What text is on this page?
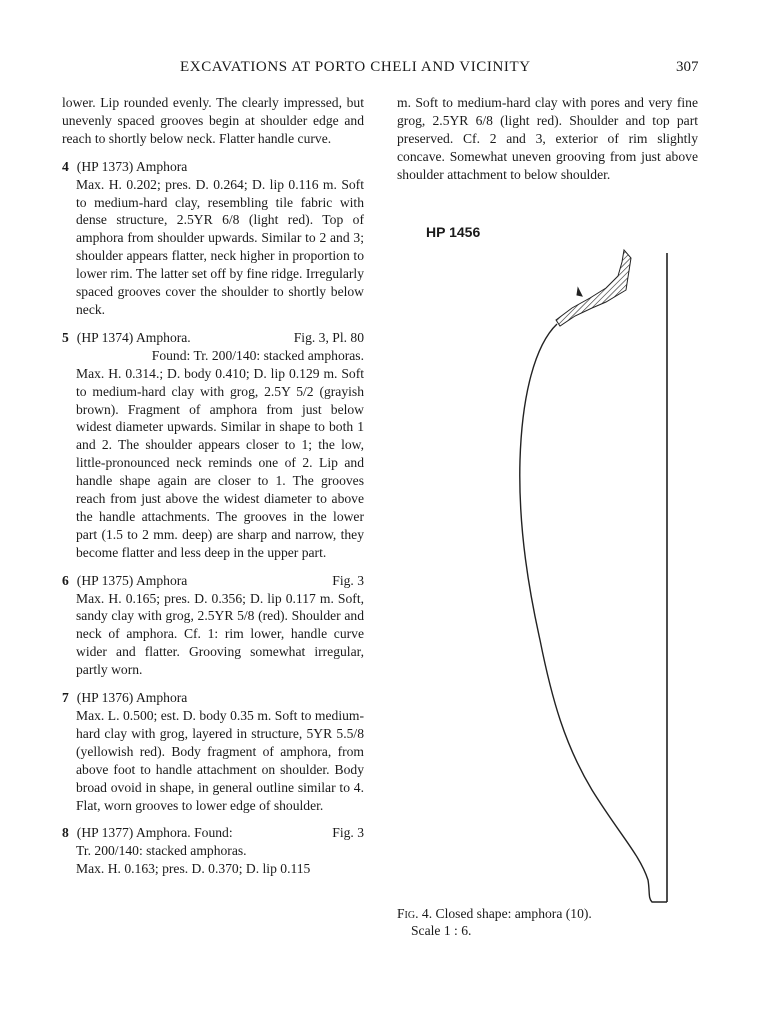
EXCAVATIONS AT PORTO CHELI AND VICINITY	307

lower. Lip rounded evenly. The clearly impressed, but unevenly spaced grooves begin at shoulder edge and reach to shortly below neck. Flatter handle curve.

4 (HP 1373) Amphora

Max. H. 0.202; pres. D. 0.264; D. lip 0.116 m. Soft to medium-hard clay, resembling tile fabric with dense structure, 2.5YR 6/8 (light red). Top of amphora from shoulder upwards. Similar to 2 and 3; shoulder appears flatter, neck higher in proportion to lower rim. The latter set off by fine ridge. Irregularly spaced grooves cover the shoulder to shortly below neck.

5 (HP 1374) Amphora.	Fig. 3, Pl. 80

Found: Tr. 200/140: stacked amphoras.

Max. H. 0.314.; D. body 0.410; D. lip 0.129 m. Soft to medium-hard clay with grog, 2.5Y 5/2 (grayish brown). Fragment of amphora from just below widest diameter upwards. Similar in shape to both 1 and 2. The shoulder appears closer to 1; the low, little-pronounced neck reminds one of 2. Lip and handle shape again are closer to 1. The grooves reach from just above the widest diameter to above the handle attachments. The grooves in the lower part (1.5 to 2 mm. deep) are sharp and narrow, they become flatter and less deep in the upper part.

6 (HP 1375) Amphora	Fig. 3

Max. H. 0.165; pres. D. 0.356; D. lip 0.117 m. Soft, sandy clay with grog, 2.5YR 5/8 (red). Shoulder and neck of amphora. Cf. 1: rim lower, handle curve wider and flatter. Grooving somewhat irregular, partly worn.

7 (HP 1376) Amphora

Max. L. 0.500; est. D. body 0.35 m. Soft to medium-hard clay with grog, layered in structure, 5YR 5.5/8 (yellowish red). Body fragment of amphora, from above foot to handle attachment on shoulder. Body broad ovoid in shape, in general outline similar to 4. Flat, worn grooves to lower edge of shoulder.

8 (HP 1377) Amphora. Found:	Fig. 3

Tr. 200/140: stacked amphoras.

Max. H. 0.163; pres. D. 0.370; D. lip 0.115

m. Soft to medium-hard clay with pores and very fine grog, 2.5YR 6/8 (light red). Shoulder and top part preserved. Cf. 2 and 3, exterior of rim slightly concave. Somewhat uneven grooving from just above shoulder attachment to below shoulder.

HP 1456
Fig. 4. Closed shape: amphora (10).
Scale 1 : 6.
